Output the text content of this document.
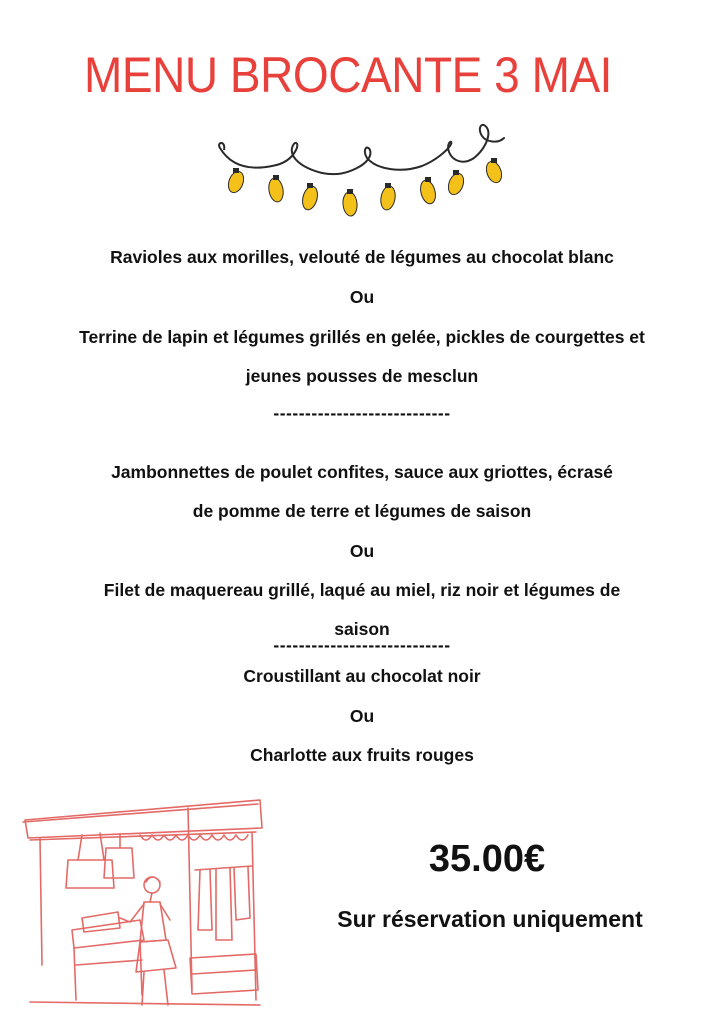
MENU BROCANTE 3 MAI
Ravioles aux morilles, velouté de légumes au chocolat blanc
Ou
Terrine de lapin et légumes grillés en gelée, pickles de courgettes et
jeunes pousses de mesclun
----------------------------
Jambonnettes de poulet confites, sauce aux griottes, écrasé
de pomme de terre et légumes de saison
Ou
Filet de maquereau grillé, laqué au miel, riz noir et légumes de
saison
----------------------------
Croustillant au chocolat noir
Ou
Charlotte aux fruits rouges
35.00€
Sur réservation uniquement
